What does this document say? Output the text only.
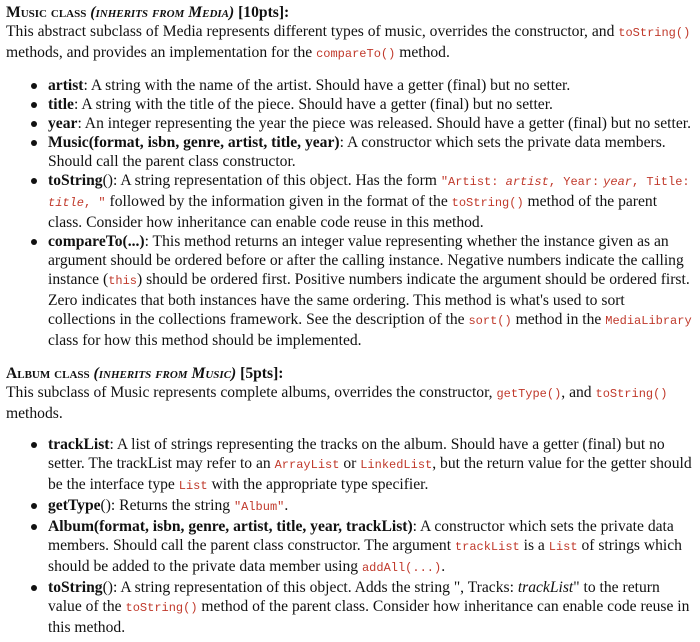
Music class (inherits from Media) [10pts]:

This abstract subclass of Media represents different types of music, overrides the constructor, and toString() methods, and provides an implementation for the compareTo() method.

artist: A string with the name of the artist. Should have a getter (final) but no setter.
title: A string with the title of the piece. Should have a getter (final) but no setter.
year: An integer representing the year the piece was released. Should have a getter (final) but no setter.
Music(format, isbn, genre, artist, title, year): A constructor which sets the private data members. Should call the parent class constructor.
toString(): A string representation of this object. Has the form "Artist: artist, Year: year, Title: title, " followed by the information given in the format of the toString() method of the parent class. Consider how inheritance can enable code reuse in this method.
compareTo(...): This method returns an integer value representing whether the instance given as an argument should be ordered before or after the calling instance. Negative numbers indicate the calling instance (this) should be ordered first. Positive numbers indicate the argument should be ordered first. Zero indicates that both instances have the same ordering. This method is what's used to sort collections in the collections framework. See the description of the sort() method in the MediaLibrary class for how this method should be implemented.

Album class (inherits from Music) [5pts]:

This subclass of Music represents complete albums, overrides the constructor, getType(), and toString() methods.

trackList: A list of strings representing the tracks on the album. Should have a getter (final) but no setter. The trackList may refer to an ArrayList or LinkedList, but the return value for the getter should be the interface type List with the appropriate type specifier.
getType(): Returns the string "Album".
Album(format, isbn, genre, artist, title, year, trackList): A constructor which sets the private data members. Should call the parent class constructor. The argument trackList is a List of strings which should be added to the private data member using addAll(...).
toString(): A string representation of this object. Adds the string ", Tracks: trackList" to the return value of the toString() method of the parent class. Consider how inheritance can enable code reuse in this method.
